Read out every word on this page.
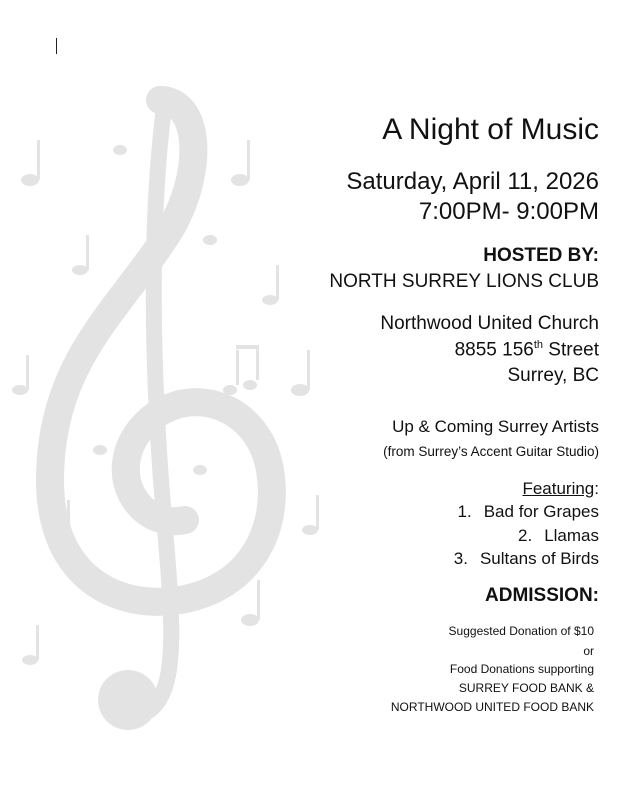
A Night of Music
Saturday, April 11, 2026
7:00PM- 9:00PM
HOSTED BY:
NORTH SURREY LIONS CLUB
Northwood United Church
8855 156th Street
Surrey, BC
Up & Coming Surrey Artists
(from Surrey’s Accent Guitar Studio)
Featuring:
1. Bad for Grapes
2. Llamas
3. Sultans of Birds
ADMISSION:
Suggested Donation of $10
or
Food Donations supporting
SURREY FOOD BANK &
NORTHWOOD UNITED FOOD BANK
